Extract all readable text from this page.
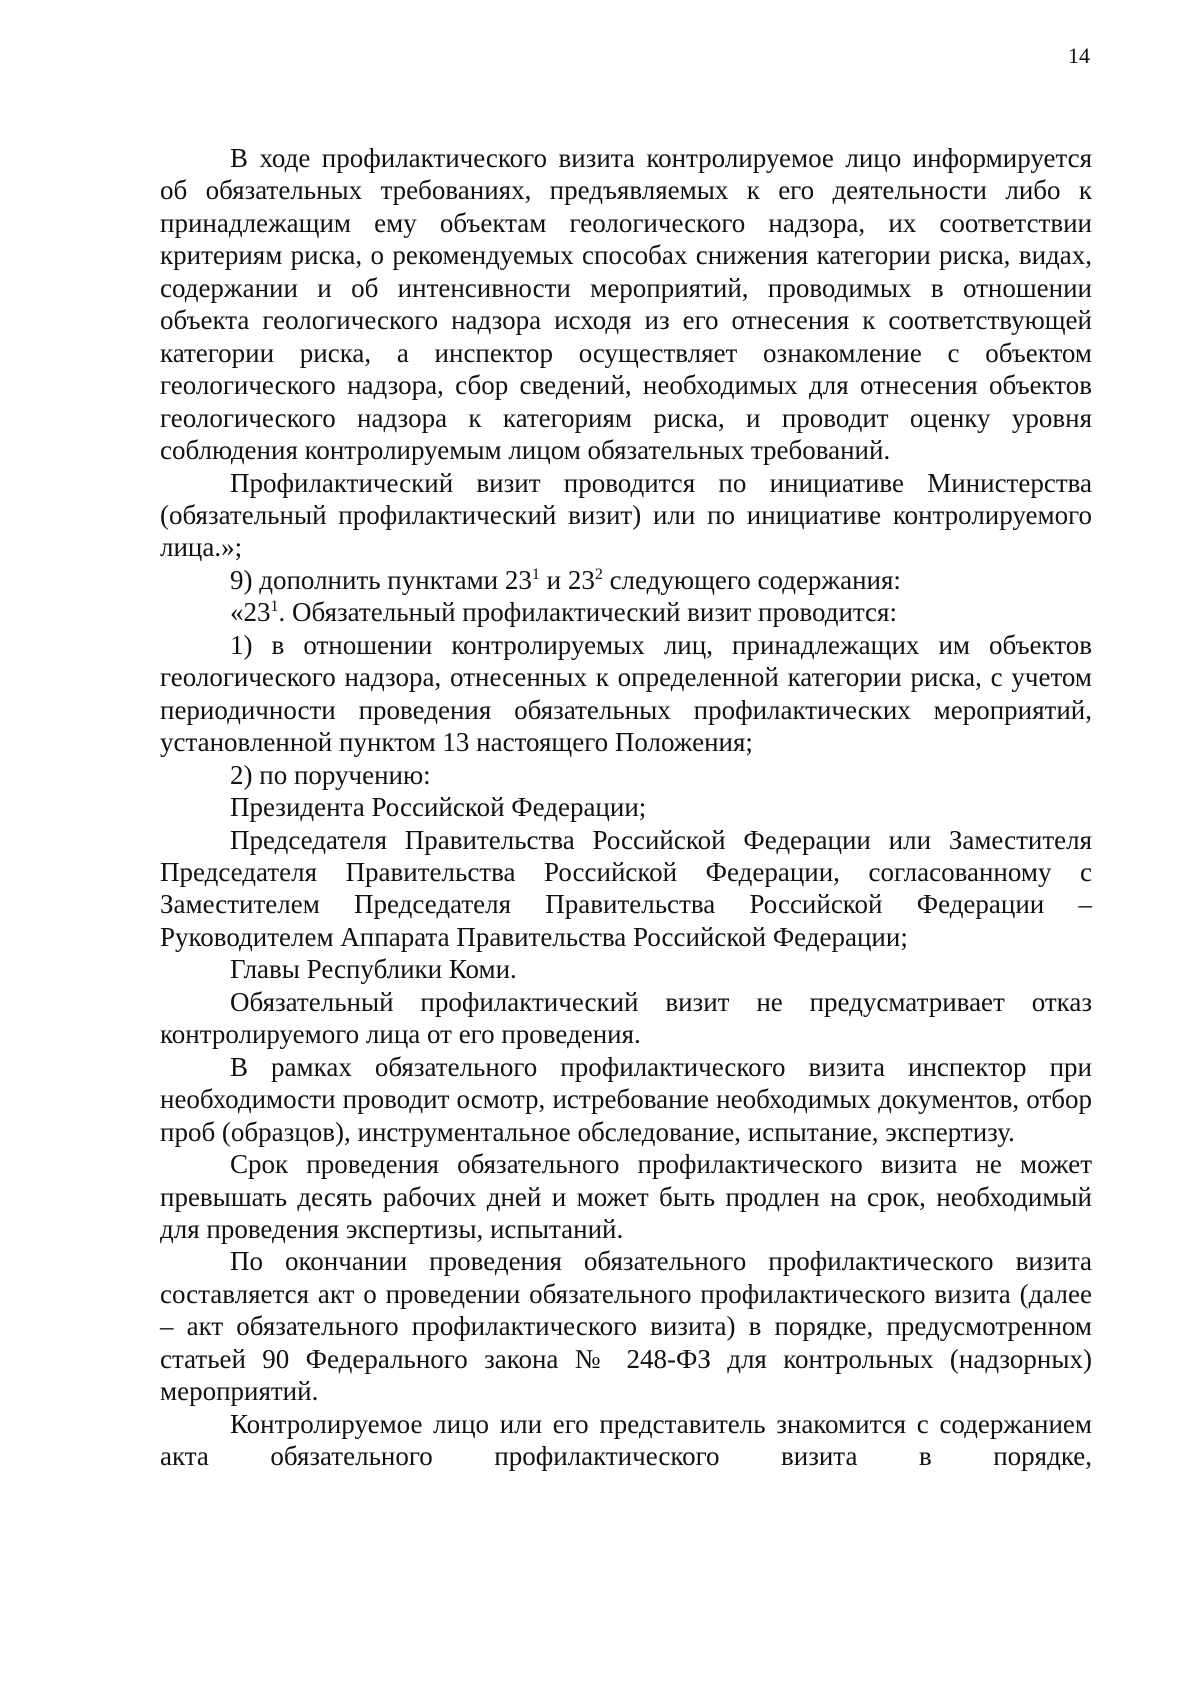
14

В ходе профилактического визита контролируемое лицо информируется об обязательных требованиях, предъявляемых к его деятельности либо к принадлежащим ему объектам геологического надзора, их соответствии критериям риска, о рекомендуемых способах снижения категории риска, видах, содержании и об интенсивности мероприятий, проводимых в отношении объекта геологического надзора исходя из его отнесения к соответствующей категории риска, а инспектор осуществляет ознакомление с объектом геологического надзора, сбор сведений, необходимых для отнесения объектов геологического надзора к категориям риска, и проводит оценку уровня соблюдения контролируемым лицом обязательных требований.

Профилактический визит проводится по инициативе Министерства (обязательный профилактический визит) или по инициативе контролируемого лица.»;

9) дополнить пунктами $23^1$ и $23^2$ следующего содержания:

«$23^1$. Обязательный профилактический визит проводится:

1) в отношении контролируемых лиц, принадлежащих им объектов геологического надзора, отнесенных к определенной категории риска, с учетом периодичности проведения обязательных профилактических мероприятий, установленной пунктом 13 настоящего Положения;

2) по поручению:

Президента Российской Федерации;

Председателя Правительства Российской Федерации или Заместителя Председателя Правительства Российской Федерации, согласованному с Заместителем Председателя Правительства Российской Федерации – Руководителем Аппарата Правительства Российской Федерации;

Главы Республики Коми.

Обязательный профилактический визит не предусматривает отказ контролируемого лица от его проведения.

В рамках обязательного профилактического визита инспектор при необходимости проводит осмотр, истребование необходимых документов, отбор проб (образцов), инструментальное обследование, испытание, экспертизу.

Срок проведения обязательного профилактического визита не может превышать десять рабочих дней и может быть продлен на срок, необходимый для проведения экспертизы, испытаний.

По окончании проведения обязательного профилактического визита составляется акт о проведении обязательного профилактического визита (далее – акт обязательного профилактического визита) в порядке, предусмотренном статьей 90 Федерального закона № 248-ФЗ для контрольных (надзорных) мероприятий.

Контролируемое лицо или его представитель знакомится с содержанием акта обязательного профилактического визита в порядке,
